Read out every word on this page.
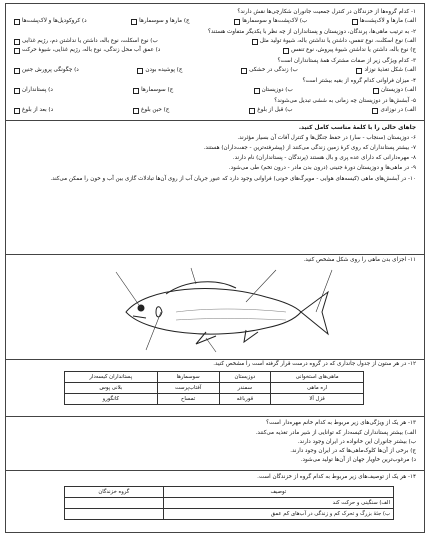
۱- کدام گروه‌ها از خزندگان در کنترل جمعیت جانوران شکارچی‌ها نقش دارند؟
الف) مارها و لاک‌پشت‌ها
ب) لاک‌پشت‌ها و سوسمارها
ج) مارها و سوسمارها
د) کروکودیل‌ها و لاک‌پشت‌ها
۲- به ترتیب ماهی‌ها، پرندگان، دوزیستان و پستانداران از چه نظر با یکدیگر متفاوت هستند؟
الف) نوع اسکلت، نوع تنفس، داشتن یا نداشتن باله، شیوهٔ تولید مثل
ب) نوع اسکلت، نوع باله، داشتن یا نداشتن دم، رژیم غذایی
ج) نوع باله، داشتن یا نداشتن شیوهٔ پیروش، نوع تنفس
د) عمق آب محل زندگی، نوع باله، رژیم غذایی، شیوهٔ حرکت
۳- کدام ویژگی زیر از صفات مشترک همهٔ پستانداران است؟
الف) شکل تغذیهٔ نوزاد
ب) زندگی در خشکی
ج) پوشیده بودن
د) چگونگی پرورش جنین
۴- میزان فراوانی کدام گروه از بقیه بیشتر است؟
الف) دوزیستان
ب) دوزیستان
ج) سوسمارها
د) پستانداران
۵- آبشش‌ها در دوزیستان چه زمانی به ششی تبدیل می‌شوند؟
الف) در نوزادی
ب) قبل از بلوغ
ج) حین بلوغ
د) بعد از بلوغ
جاهای خالی را با کلمهٔ مناسب کامل کنید.
۶- دوزیستان (سنجاب - سار) در حفظ جنگل‌ها و کنترل آفات آن بسیار مؤثرند.
۷- بیشتر پستانداران که روی کرهٔ زمین زندگی می‌کنند از (پیشرفته‌ترین - جفت‌داران) هستند.
۸- مهره‌دارانی که دارای عده پری و بال هستند (پرندگان - پستانداران) نام دارند.
۹- در ماهی‌ها و دوزیستان دورهٔ جنینی (درون بدن مادر - درون تخم) طی می‌شود.
۱۰- در آبشش‌های ماهی (کیسه‌های هوایی - مویرگ‌های خونی) فراوانی وجود دارد که عبور جریان آب از روی آن‌ها تبادلات گازی بین آب و خون را ممکن می‌کند.
۱۱- اجزای بدن ماهی را روی شکل مشخص کنید.
۱۲- در هر ستون از جدول جانداری که در گروه درست قرار گرفته است را مشخص کنید.
ماهی‌های استخوانی	دوزیستان	سوسمارها	پستانداران کیسه‌دار
اره ماهی	سمندر	آفتاب‌پرست	بلانی پوس
قزل آلا	قورباغه	تمساح	کانگورو
۱۳- هر یک از ویژگی‌های زیر مربوط به کدام خانم مهره‌دار است؟
الف) بیشتر پستانداران کیسه‌دار که توانایی از شیر مادر تغذیه می‌کنند.
ب) بیشتر جانوران این خانواده در ایران وجود دارند.
ج) برخی از آن‌ها کلوک‌ماهی‌ها که در ایران وجود دارند.
د) مرغوب‌ترین خاویار جهان از آن‌ها تولید می‌شود.
۱۴- هر یک از توصیف‌های زیر مربوط به کدام گروه از خزندگان است.
توصیف	گروه خزندگان
الف) سنگینی و حرکت کند	
ب) جثهٔ بزرگ و تحرک کم و زندگی در آب‌های کم عمق	
